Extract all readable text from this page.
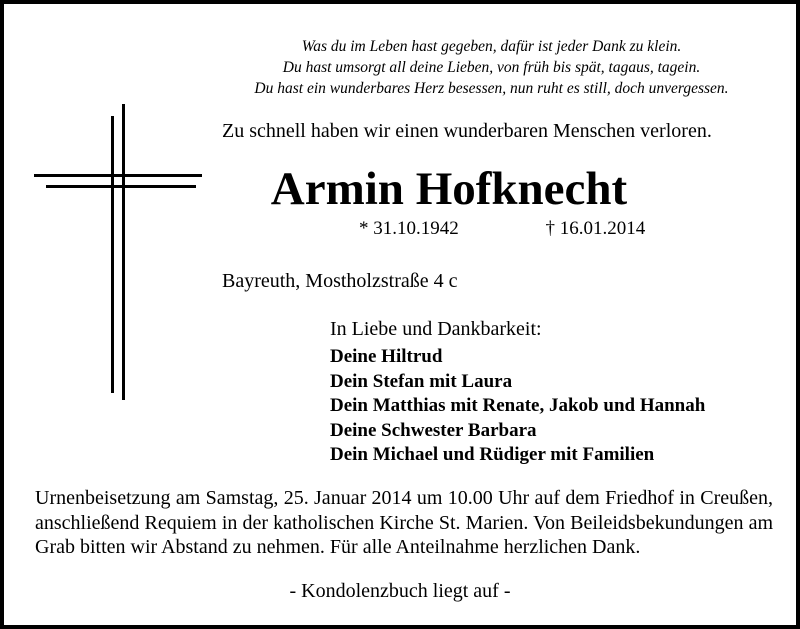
Was du im Leben hast gegeben, dafür ist jeder Dank zu klein.
Du hast umsorgt all deine Lieben, von früh bis spät, tagaus, tagein.
Du hast ein wunderbares Herz besessen, nun ruht es still, doch unvergessen.
Zu schnell haben wir einen wunderbaren Menschen verloren.
Armin Hofknecht
* 31.10.1942	† 16.01.2014
Bayreuth, Mostholzstraße 4 c
In Liebe und Dankbarkeit:
Deine Hiltrud
Dein Stefan mit Laura
Dein Matthias mit Renate, Jakob und Hannah
Deine Schwester Barbara
Dein Michael und Rüdiger mit Familien

Urnenbeisetzung am Samstag, 25. Januar 2014 um 10.00 Uhr auf dem Friedhof in Creußen, anschließend Requiem in der katholischen Kirche St. Marien. Von Beileidsbekundungen am Grab bitten wir Abstand zu nehmen. Für alle Anteilnahme herzlichen Dank.

- Kondolenzbuch liegt auf -
